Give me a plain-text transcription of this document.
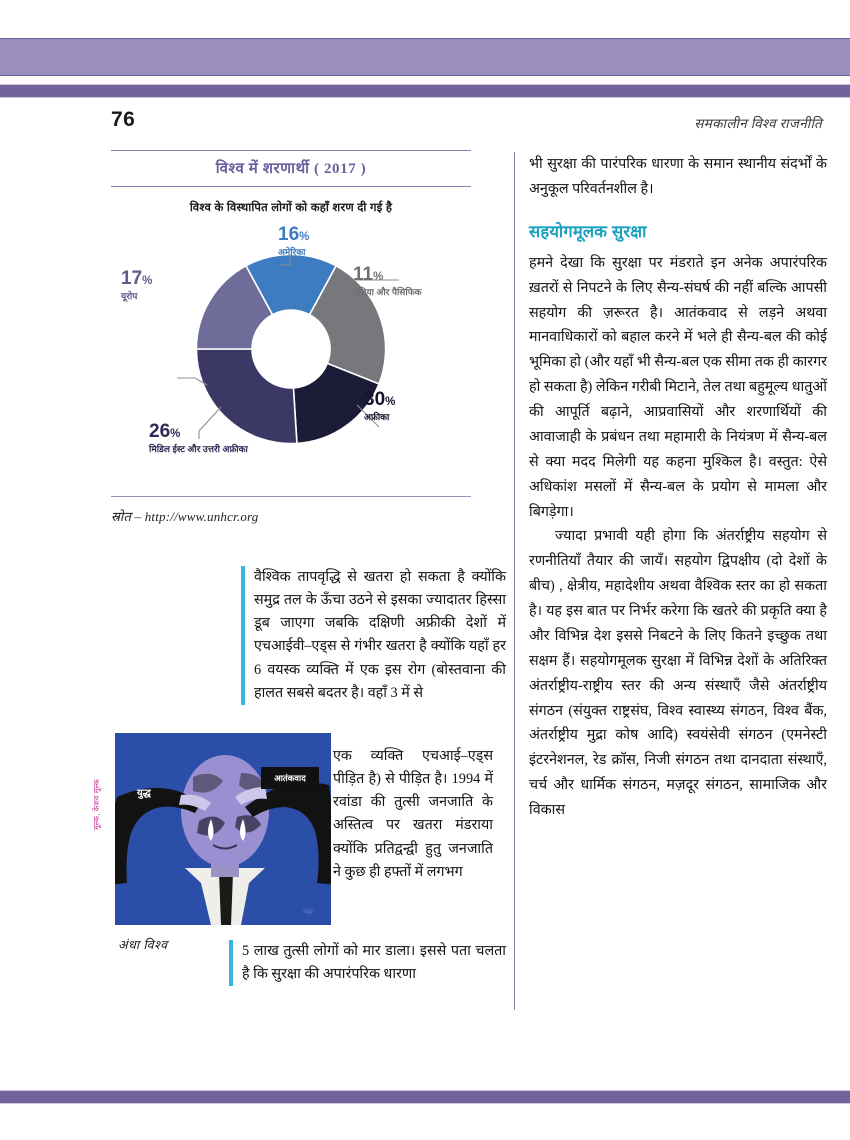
76	समकालीन विश्व राजनीति
विश्व में शरणार्थी ( 2017 )
विश्व के विस्थापित लोगों को कहाँ शरण दी गई है
16%
अमेरिका
11%
एशिया और पैसिफिक
30%
अफ्रीका
26%
मिडिल ईस्ट और उत्तरी अफ्रीका
17%
यूरोप
स्रोत – http://www.unhcr.org
वैश्विक तापवृद्धि से खतरा हो सकता है क्योंकि समुद्र तल के ऊँचा उठने से इसका ज्यादातर हिस्सा डूब जाएगा जबकि दक्षिणी अफ्रीकी देशों में एचआईवी–एड्स से गंभीर खतरा है क्योंकि यहाँ हर 6 वयस्क व्यक्ति में एक इस रोग (बोस्तवाना की हालत सबसे बदतर है। वहाँ 3 में से
एक व्यक्ति एचआई–एड्स पीड़ित है) से पीड़ित है। 1994 में रवांडा की तुत्सी जनजाति के अस्तित्व पर खतरा मंडराया क्योंकि प्रतिद्वन्द्वी हुतु जनजाति ने कुछ ही हफ्तों में लगभग
5 लाख तुत्सी लोगों को मार डाला। इससे पता चलता है कि सुरक्षा की अपारंपरिक धारणा
sign
युद्ध
आतंकवाद
मूल्क, केशव मूल्क
अंधा विश्व

भी सुरक्षा की पारंपरिक धारणा के समान स्थानीय संदर्भों के अनुकूल परिवर्तनशील है।

सहयोगमूलक सुरक्षा

हमने देखा कि सुरक्षा पर मंडराते इन अनेक अपारंपरिक ख़तरों से निपटने के लिए सैन्य-संघर्ष की नहीं बल्कि आपसी सहयोग की ज़रूरत है। आतंकवाद से लड़ने अथवा मानवाधिकारों को बहाल करने में भले ही सैन्य-बल की कोई भूमिका हो (और यहाँ भी सैन्य-बल एक सीमा तक ही कारगर हो सकता है) लेकिन गरीबी मिटाने, तेल तथा बहुमूल्य धातुओं की आपूर्ति बढ़ाने, आप्रवासियों और शरणार्थियों की आवाजाही के प्रबंधन तथा महामारी के नियंत्रण में सैन्य-बल से क्या मदद मिलेगी यह कहना मुश्किल है। वस्तुत: ऐसे अधिकांश मसलों में सैन्य-बल के प्रयोग से मामला और बिगड़ेगा।

ज्यादा प्रभावी यही होगा कि अंतर्राष्ट्रीय सहयोग से रणनीतियाँ तैयार की जायँ। सहयोग द्विपक्षीय (दो देशों के बीच) , क्षेत्रीय, महादेशीय अथवा वैश्विक स्तर का हो सकता है। यह इस बात पर निर्भर करेगा कि खतरे की प्रकृति क्या है और विभिन्न देश इससे निबटने के लिए कितने इच्छुक तथा सक्षम हैं। सहयोगमूलक सुरक्षा में विभिन्न देशों के अतिरिक्त अंतर्राष्ट्रीय-राष्ट्रीय स्तर की अन्य संस्थाएँ जैसे अंतर्राष्ट्रीय संगठन (संयुक्त राष्ट्रसंघ, विश्व स्वास्थ्य संगठन, विश्व बैंक, अंतर्राष्ट्रीय मुद्रा कोष आदि) स्वयंसेवी संगठन (एमनेस्टी इंटरनेशनल, रेड क्रॉस, निजी संगठन तथा दानदाता संस्थाएँ, चर्च और धार्मिक संगठन, मज़दूर संगठन, सामाजिक और विकास
